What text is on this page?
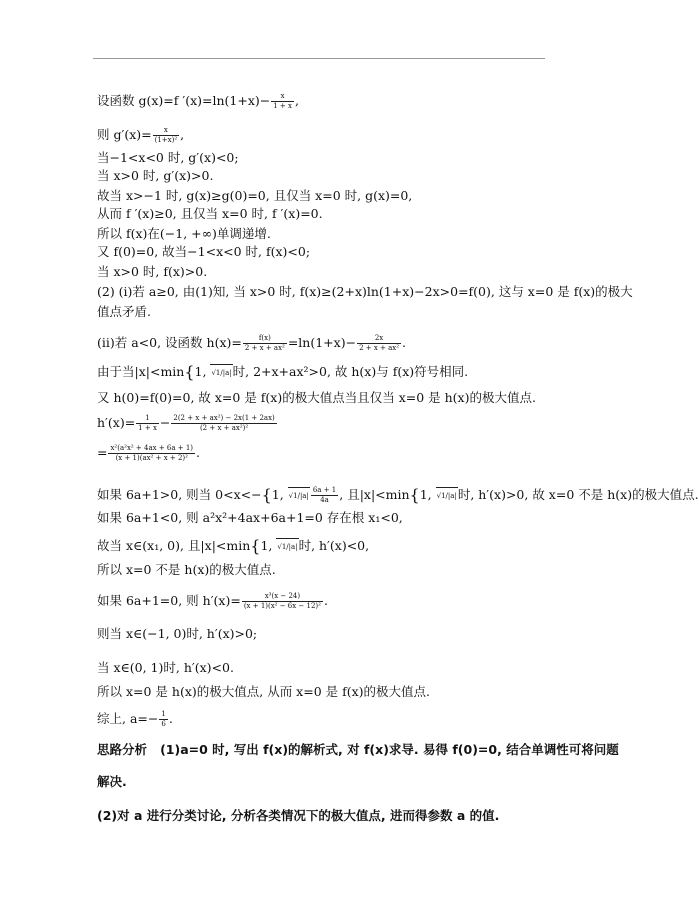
设函数 g(x)=f $'(x)=\ln(1+x)- \frac{x}{1 + x}$ ,
则 $g'(x)= \frac{x}{\text{(1+x)²}}$ ,
当−1<x<0 时, g′(x)<0;
当 x>0 时, g′(x)>0.
故当 x>−1 时, g(x)≥g(0)=0, 且仅当 x=0 时, g(x)=0,
从而 f ′(x)≥0, 且仅当 x=0 时, f ′(x)=0.
所以 f(x)在(−1, +∞)单调递增.
又 f(0)=0, 故当−1<x<0 时, f(x)<0;
当 x>0 时, f(x)>0.
(2) (i)若 a≥0, 由(1)知, 当 x>0 时, f(x)≥(2+x)ln(1+x)−2x>0=f(0), 这与 x=0 是 f(x)的极大
值点矛盾.
(ii)若 a<0, 设函数 $h(x)= \frac{f(x)}{\text{2 + x + ax²}} =\ln(1+x)- \frac{2x}{\text{2 + x + ax²}}$ .
由于当|x|<min{1, √1/|a|时, 2+x+ax²>0, 故 h(x)与 f(x)符号相同.
又 h(0)=f(0)=0, 故 x=0 是 f(x)的极大值点当且仅当 x=0 是 h(x)的极大值点.
$h'(x)= \frac{1}{1 + x} - \frac{\text{2(2 + x + ax²) − 2x(1 + 2ax)}}{\text{(2 + x + ax²)²}}$
= $\frac{\text{x²(a²x² + 4ax + 6a + 1)}}{\text{(x + 1)(ax² + x + 2)²}}$ .
如果 6a+1>0, 则当 0<x<−{1, $√1/|a| \frac{6a + 1}{4a}$ , 且|x|<min{1, √1/|a|时, h′(x)>0, 故 x=0 不是 h(x)的极大值点.
如果 6a+1<0, 则 a²x²+4ax+6a+1=0 存在根 x₁<0,
故当 x∈(x₁, 0), 且|x|<min{1, √1/|a|时, h′(x)<0,
所以 x=0 不是 h(x)的极大值点.
如果 6a+1=0, 则 $h'(x)= \frac{\text{x³(x − 24)}}{\text{(x + 1)(x² − 6x − 12)²}}$ .
则当 x∈(−1, 0)时, h′(x)>0;
当 x∈(0, 1)时, h′(x)<0.
所以 x=0 是 h(x)的极大值点, 从而 x=0 是 f(x)的极大值点.
综上, $a=- \frac{1}{6}$ .
思路分析 (1)a=0 时, 写出 f(x)的解析式, 对 f(x)求导. 易得 f(0)=0, 结合单调性可将问题
解决.
(2)对 a 进行分类讨论, 分析各类情况下的极大值点, 进而得参数 a 的值.
